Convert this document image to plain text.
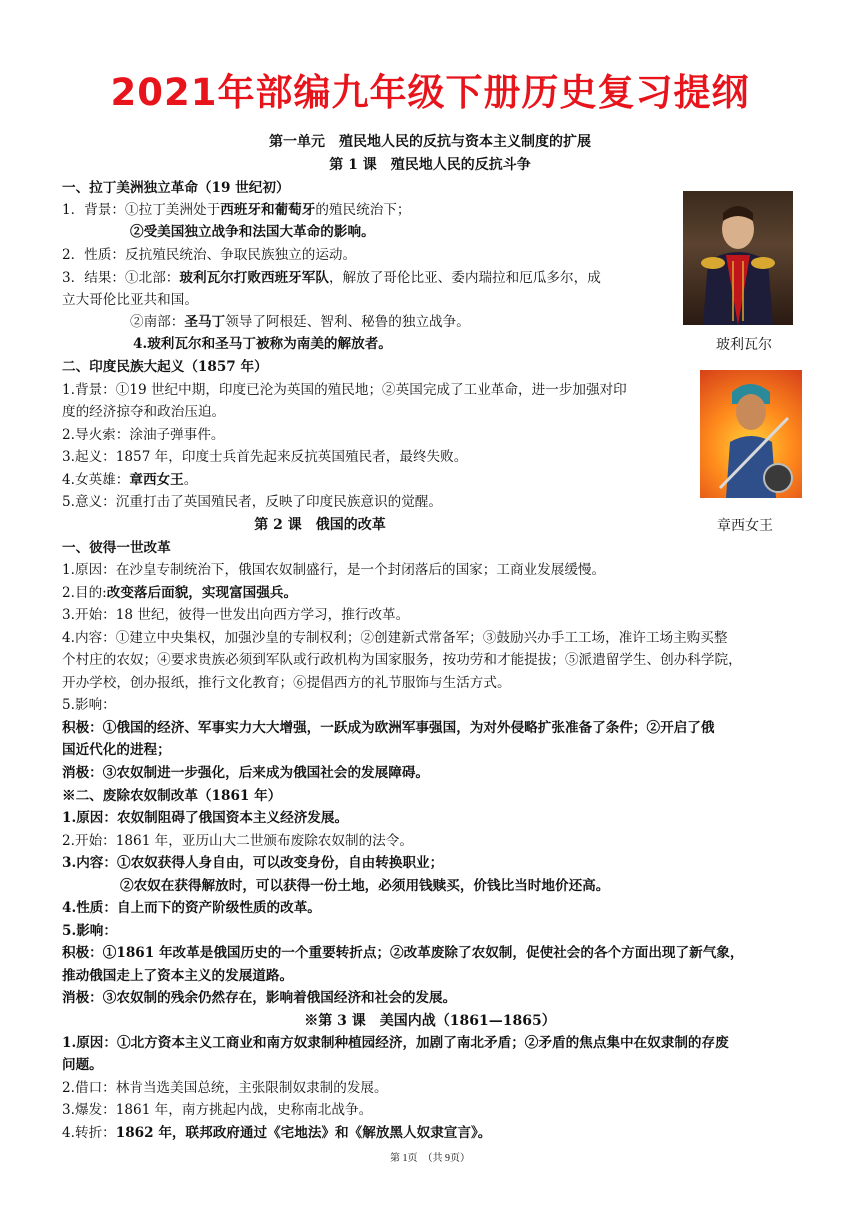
2021年部编九年级下册历史复习提纲
第一单元　殖民地人民的反抗与资本主义制度的扩展
第 1 课　殖民地人民的反抗斗争
一、拉丁美洲独立革命（19 世纪初）
1．背景：①拉丁美洲处于西班牙和葡萄牙的殖民统治下；
②受美国独立战争和法国大革命的影响。
2．性质：反抗殖民统治、争取民族独立的运动。
3．结果：①北部：玻利瓦尔打败西班牙军队，解放了哥伦比亚、委内瑞拉和厄瓜多尔，成
立大哥伦比亚共和国。
②南部：圣马丁领导了阿根廷、智利、秘鲁的独立战争。
4.玻利瓦尔和圣马丁被称为南美的解放者。
二、印度民族大起义（1857 年）
1.背景：①19 世纪中期，印度已沦为英国的殖民地；②英国完成了工业革命，进一步加强对印
度的经济掠夺和政治压迫。
2.导火索：涂油子弹事件。
3.起义：1857 年，印度士兵首先起来反抗英国殖民者，最终失败。
4.女英雄：章西女王。
5.意义：沉重打击了英国殖民者，反映了印度民族意识的觉醒。
玻利瓦尔
章西女王
第 2 课　俄国的改革
一、彼得一世改革
1.原因：在沙皇专制统治下，俄国农奴制盛行，是一个封闭落后的国家；工商业发展缓慢。
2.目的:改变落后面貌，实现富国强兵。
3.开始：18 世纪，彼得一世发出向西方学习，推行改革。
4.内容：①建立中央集权，加强沙皇的专制权利；②创建新式常备军；③鼓励兴办手工工场，准许工场主购买整
个村庄的农奴；④要求贵族必须到军队或行政机构为国家服务，按功劳和才能提拔；⑤派遣留学生、创办科学院，
开办学校，创办报纸，推行文化教育；⑥提倡西方的礼节服饰与生活方式。
5.影响：
积极：①俄国的经济、军事实力大大增强，一跃成为欧洲军事强国，为对外侵略扩张准备了条件；②开启了俄
国近代化的进程；
消极：③农奴制进一步强化，后来成为俄国社会的发展障碍。
※二、废除农奴制改革（1861 年）
1.原因：农奴制阻碍了俄国资本主义经济发展。
2.开始：1861 年，亚历山大二世颁布废除农奴制的法令。
3.内容：①农奴获得人身自由，可以改变身份，自由转换职业；
②农奴在获得解放时，可以获得一份土地，必须用钱赎买，价钱比当时地价还高。
4.性质：自上而下的资产阶级性质的改革。
5.影响：
积极：①1861 年改革是俄国历史的一个重要转折点；②改革废除了农奴制，促使社会的各个方面出现了新气象，
推动俄国走上了资本主义的发展道路。
消极：③农奴制的残余仍然存在，影响着俄国经济和社会的发展。
※第 3 课　美国内战（1861—1865）
1.原因：①北方资本主义工商业和南方奴隶制种植园经济，加剧了南北矛盾；②矛盾的焦点集中在奴隶制的存废
问题。
2.借口：林肯当选美国总统，主张限制奴隶制的发展。
3.爆发：1861 年，南方挑起内战，史称南北战争。
4.转折：1862 年，联邦政府通过《宅地法》和《解放黑人奴隶宣言》。
第 1页　（共 9页）
